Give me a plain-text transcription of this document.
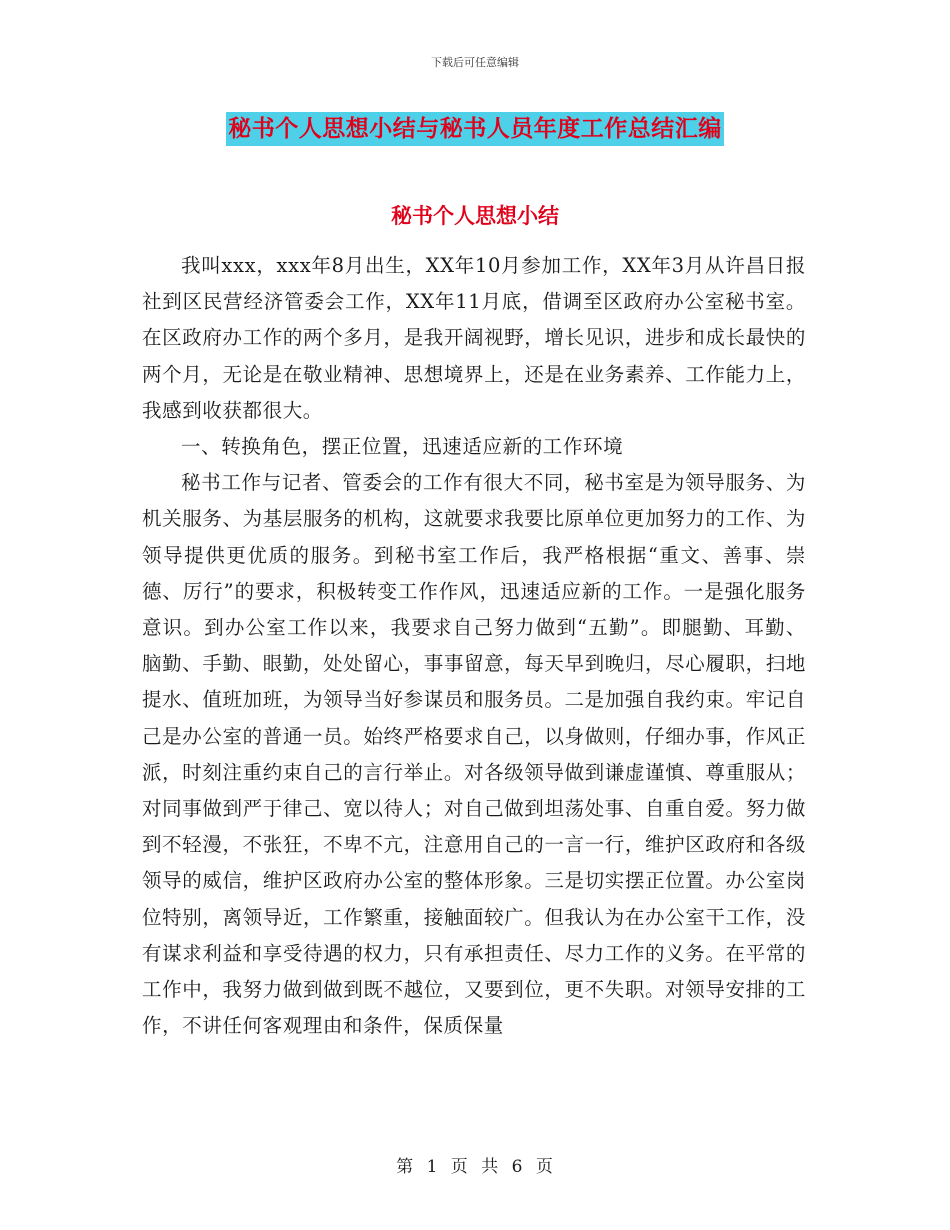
下载后可任意编辑
秘书个人思想小结与秘书人员年度工作总结汇编
秘书个人思想小结

我叫xxx，xxx年8月出生，XX年10月参加工作，XX年3月从许昌日报社到区民营经济管委会工作，XX年11月底，借调至区政府办公室秘书室。在区政府办工作的两个多月，是我开阔视野，增长见识，进步和成长最快的两个月，无论是在敬业精神、思想境界上，还是在业务素养、工作能力上，我感到收获都很大。

一、转换角色，摆正位置，迅速适应新的工作环境

秘书工作与记者、管委会的工作有很大不同，秘书室是为领导服务、为机关服务、为基层服务的机构，这就要求我要比原单位更加努力的工作、为领导提供更优质的服务。到秘书室工作后，我严格根据“重文、善事、崇德、厉行”的要求，积极转变工作作风，迅速适应新的工作。一是强化服务意识。到办公室工作以来，我要求自己努力做到“五勤”。即腿勤、耳勤、脑勤、手勤、眼勤，处处留心，事事留意，每天早到晚归，尽心履职，扫地提水、值班加班，为领导当好参谋员和服务员。二是加强自我约束。牢记自己是办公室的普通一员。始终严格要求自己，以身做则，仔细办事，作风正派，时刻注重约束自己的言行举止。对各级领导做到谦虚谨慎、尊重服从；对同事做到严于律己、宽以待人；对自己做到坦荡处事、自重自爱。努力做到不轻漫，不张狂，不卑不亢，注意用自己的一言一行，维护区政府和各级领导的威信，维护区政府办公室的整体形象。三是切实摆正位置。办公室岗位特别，离领导近，工作繁重，接触面较广。但我认为在办公室干工作，没有谋求利益和享受待遇的权力，只有承担责任、尽力工作的义务。在平常的工作中，我努力做到做到既不越位，又要到位，更不失职。对领导安排的工作，不讲任何客观理由和条件，保质保量

第 1 页 共 6 页
